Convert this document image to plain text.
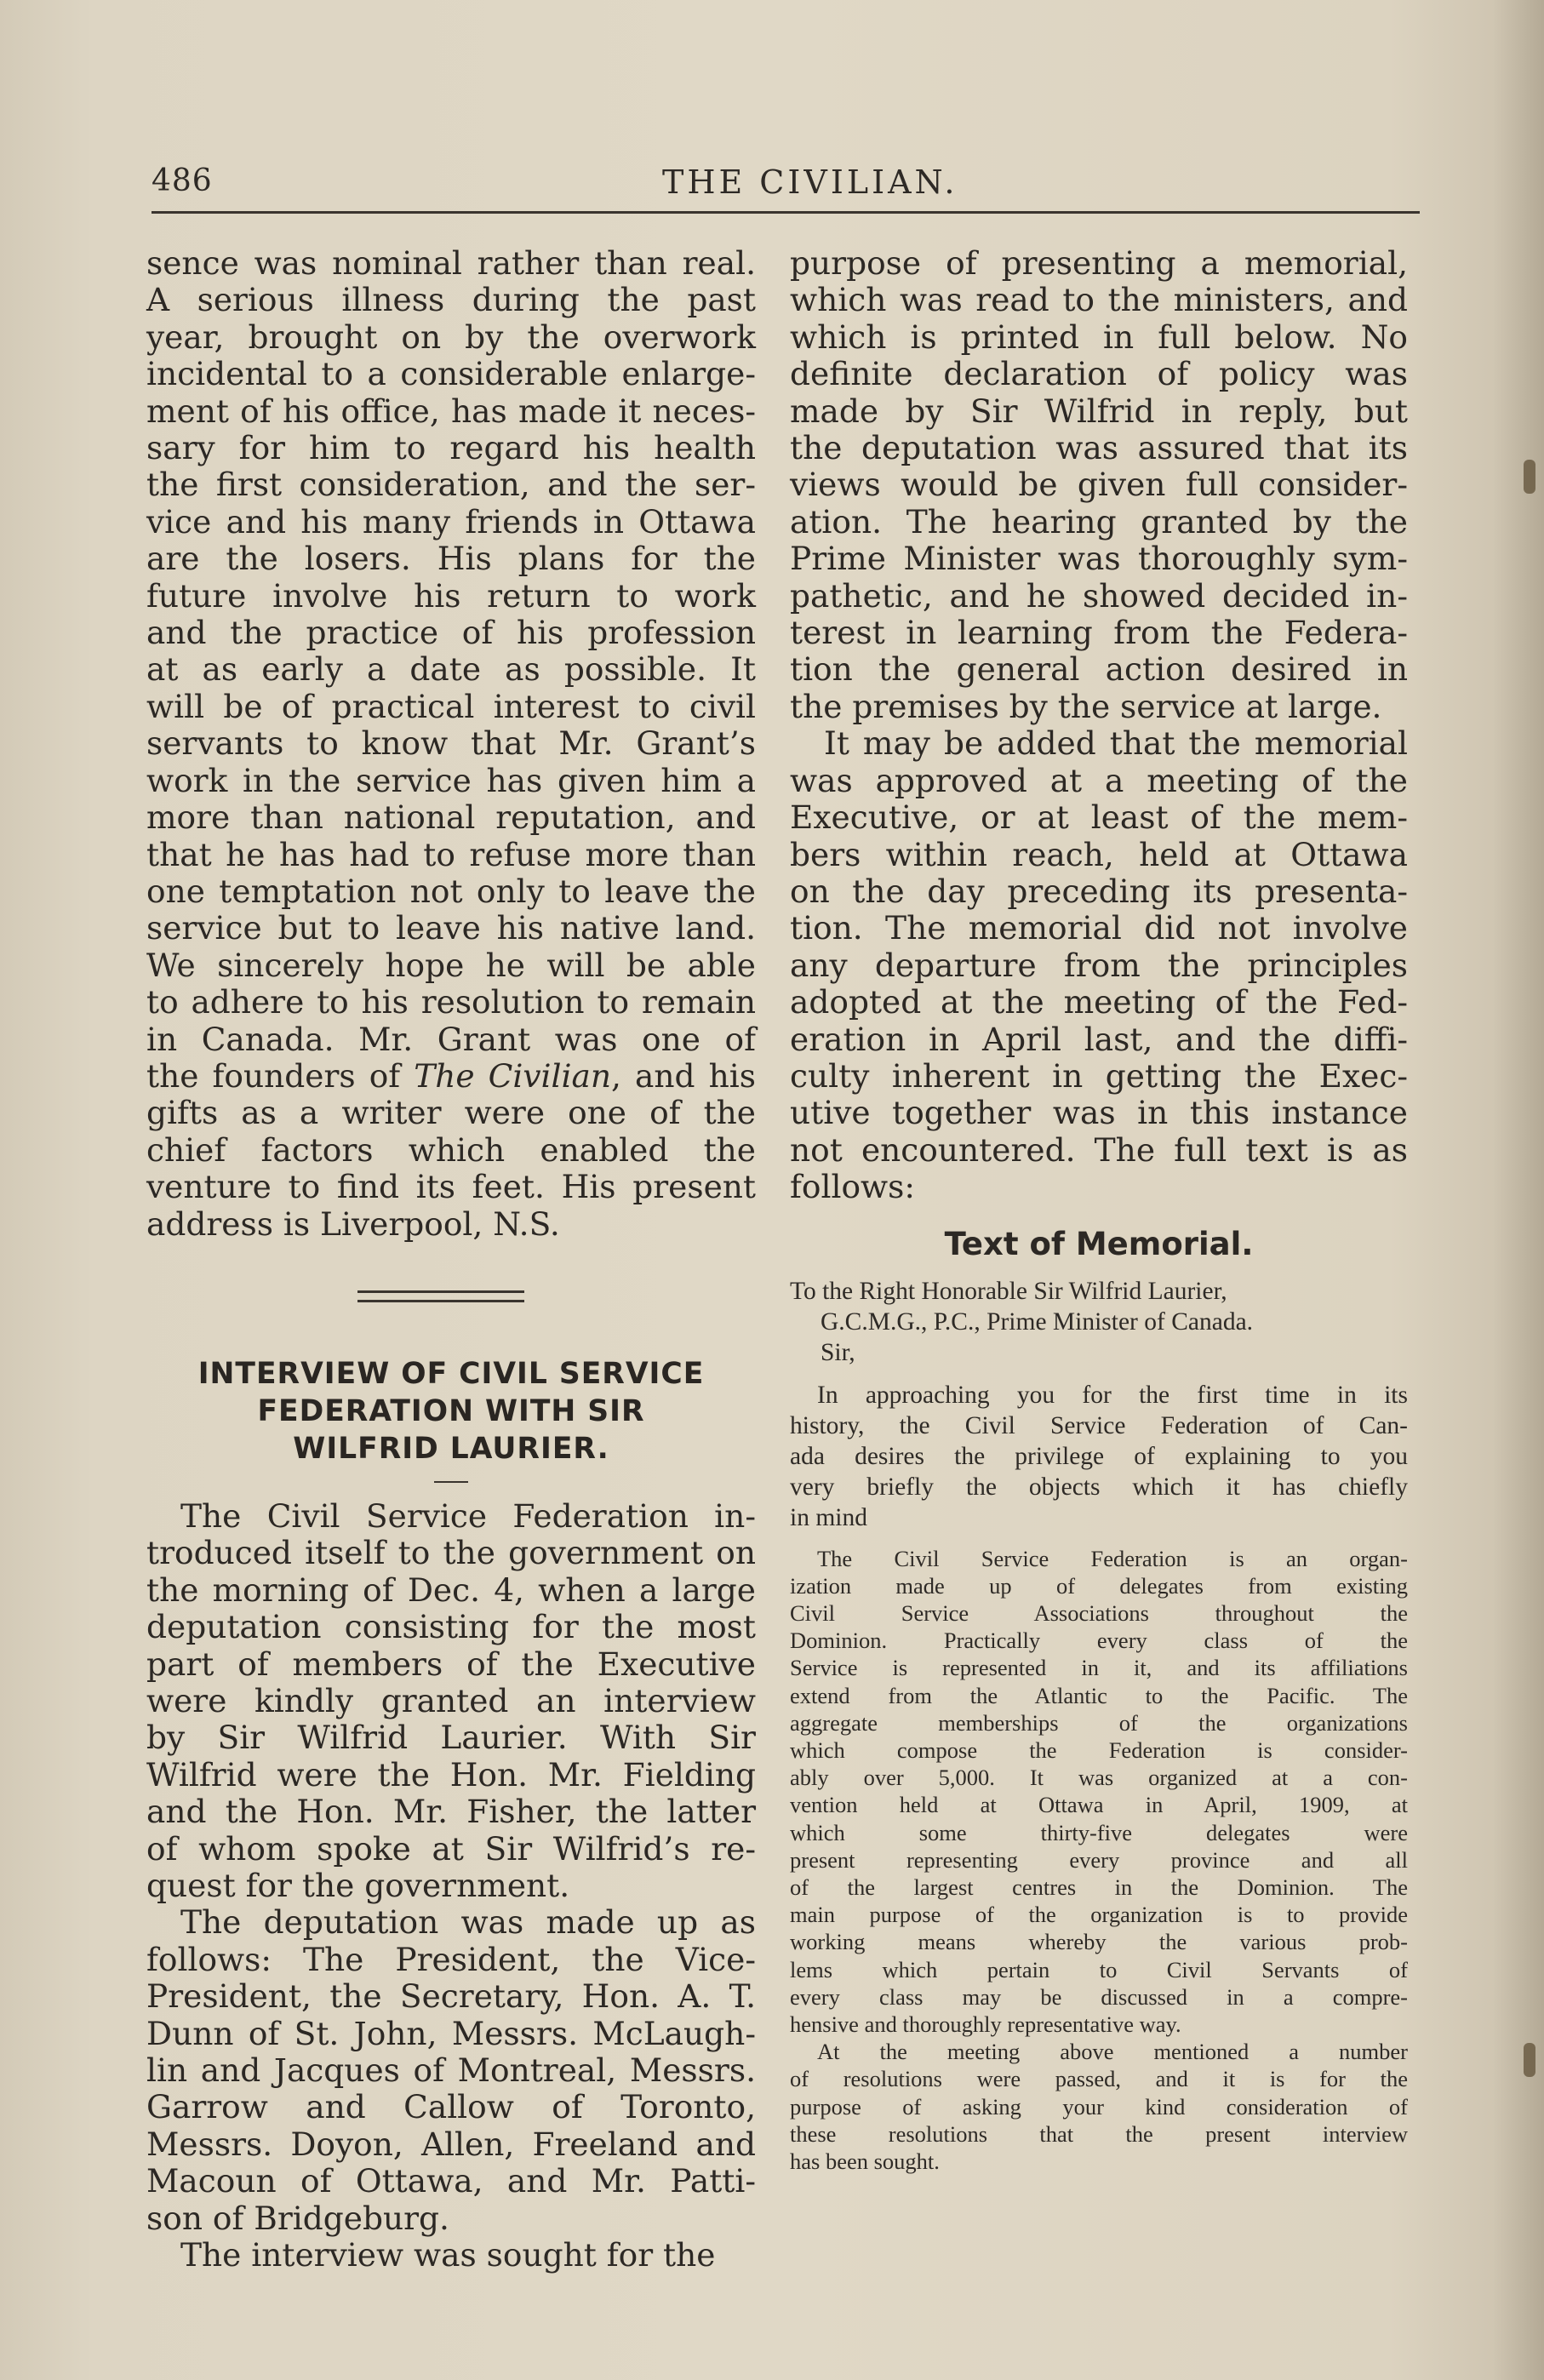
486	THE CIVILIAN.
sence was nominal rather than real.
A serious illness during the past
year, brought on by the overwork
incidental to a considerable enlarge-
ment of his office, has made it neces-
sary for him to regard his health
the first consideration, and the ser-
vice and his many friends in Ottawa
are the losers. His plans for the
future involve his return to work
and the practice of his profession
at as early a date as possible. It
will be of practical interest to civil
servants to know that Mr. Grant’s
work in the service has given him a
more than national reputation, and
that he has had to refuse more than
one temptation not only to leave the
service but to leave his native land.
We sincerely hope he will be able
to adhere to his resolution to remain
in Canada. Mr. Grant was one of
the founders of The Civilian, and his
gifts as a writer were one of the
chief factors which enabled the
venture to find its feet. His present
address is Liverpool, N.S.
INTERVIEW OF CIVIL SERVICE
FEDERATION WITH SIR
WILFRID LAURIER.
The Civil Service Federation in-
troduced itself to the government on
the morning of Dec. 4, when a large
deputation consisting for the most
part of members of the Executive
were kindly granted an interview
by Sir Wilfrid Laurier. With Sir
Wilfrid were the Hon. Mr. Fielding
and the Hon. Mr. Fisher, the latter
of whom spoke at Sir Wilfrid’s re-
quest for the government.
The deputation was made up as
follows: The President, the Vice-
President, the Secretary, Hon. A. T.
Dunn of St. John, Messrs. McLaugh-
lin and Jacques of Montreal, Messrs.
Garrow and Callow of Toronto,
Messrs. Doyon, Allen, Freeland and
Macoun of Ottawa, and Mr. Patti-
son of Bridgeburg.
The interview was sought for the
purpose of presenting a memorial,
which was read to the ministers, and
which is printed in full below. No
definite declaration of policy was
made by Sir Wilfrid in reply, but
the deputation was assured that its
views would be given full consider-
ation. The hearing granted by the
Prime Minister was thoroughly sym-
pathetic, and he showed decided in-
terest in learning from the Federa-
tion the general action desired in
the premises by the service at large.
It may be added that the memorial
was approved at a meeting of the
Executive, or at least of the mem-
bers within reach, held at Ottawa
on the day preceding its presenta-
tion. The memorial did not involve
any departure from the principles
adopted at the meeting of the Fed-
eration in April last, and the diffi-
culty inherent in getting the Exec-
utive together was in this instance
not encountered. The full text is as
follows:
Text of Memorial.
To the Right Honorable Sir Wilfrid Laurier,
G.C.M.G., P.C., Prime Minister of Canada.
Sir,
In approaching you for the first time in its
history, the Civil Service Federation of Can-
ada desires the privilege of explaining to you
very briefly the objects which it has chiefly
in mind
The Civil Service Federation is an organ-
ization made up of delegates from existing
Civil Service Associations throughout the
Dominion. Practically every class of the
Service is represented in it, and its affiliations
extend from the Atlantic to the Pacific. The
aggregate memberships of the organizations
which compose the Federation is consider-
ably over 5,000. It was organized at a con-
vention held at Ottawa in April, 1909, at
which some thirty-five delegates were
present representing every province and all
of the largest centres in the Dominion. The
main purpose of the organization is to provide
working means whereby the various prob-
lems which pertain to Civil Servants of
every class may be discussed in a compre-
hensive and thoroughly representative way.
At the meeting above mentioned a number
of resolutions were passed, and it is for the
purpose of asking your kind consideration of
these resolutions that the present interview
has been sought.
